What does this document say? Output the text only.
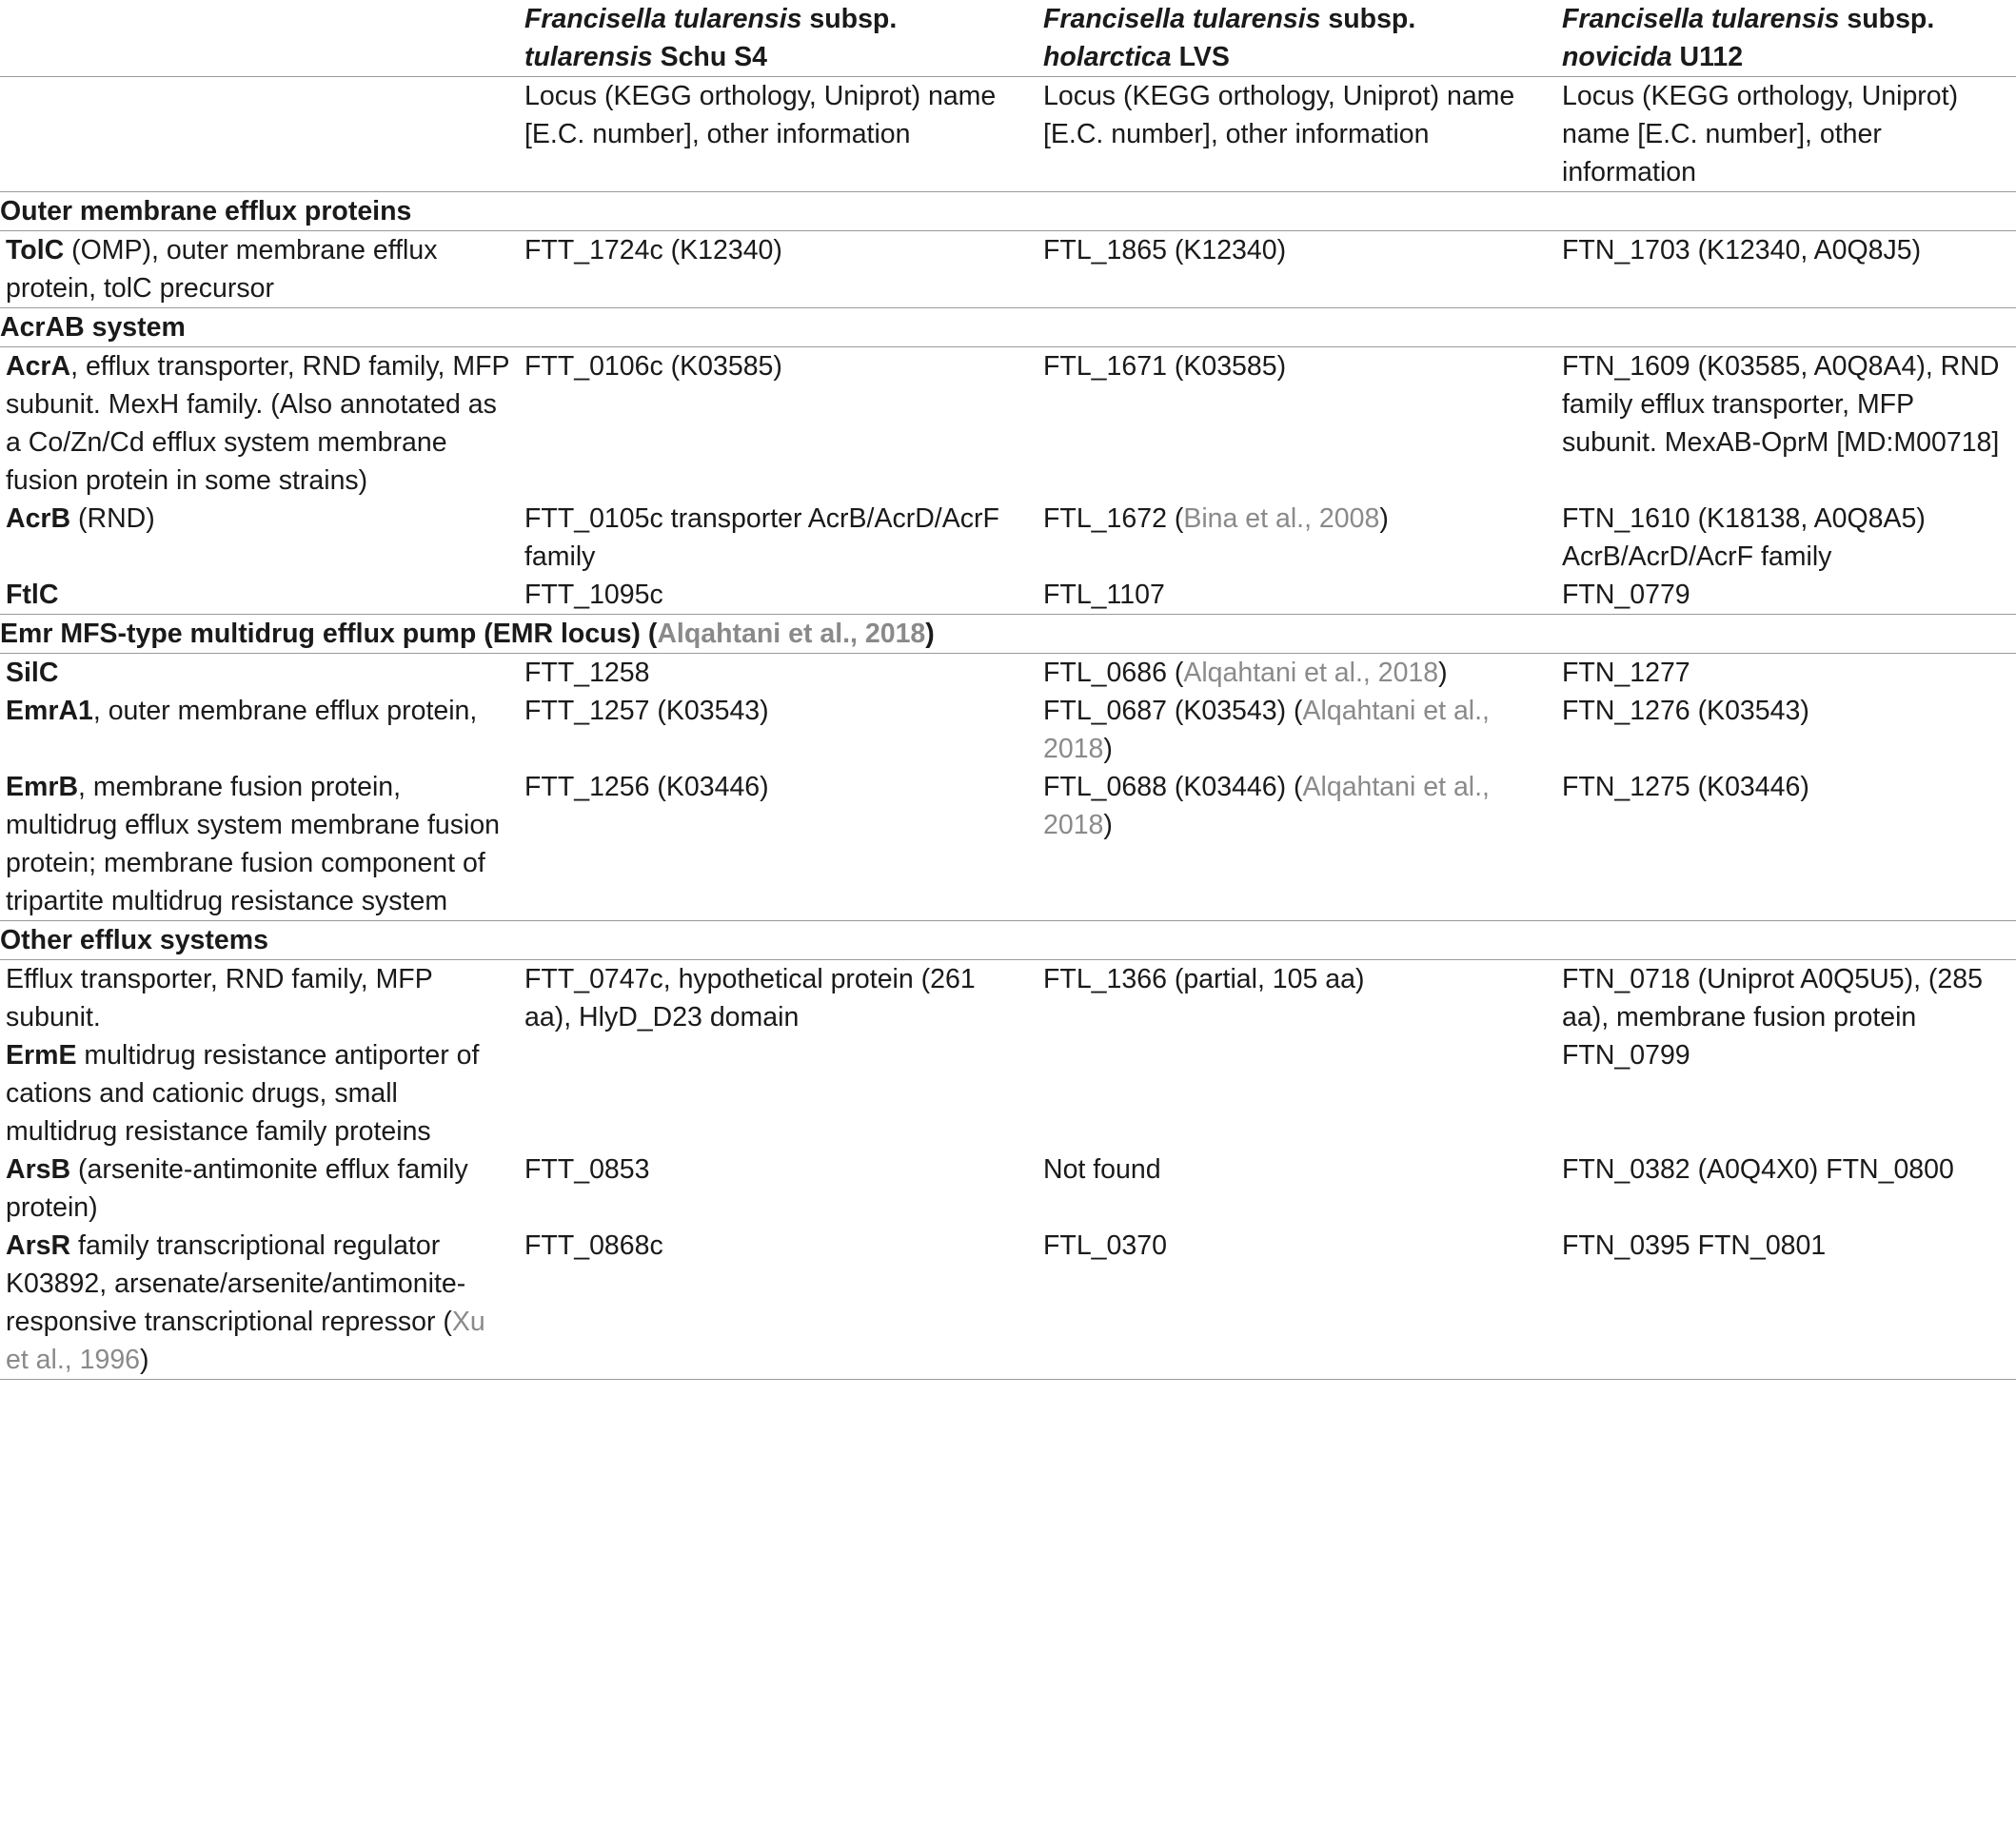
	Francisella tularensis subsp. tularensis Schu S4	Francisella tularensis subsp. holarctica LVS	Francisella tularensis subsp. novicida U112
	Locus (KEGG orthology, Uniprot) name [E.C. number], other information	Locus (KEGG orthology, Uniprot) name [E.C. number], other information	Locus (KEGG orthology, Uniprot) name [E.C. number], other information
Outer membrane efflux proteins			
TolC (OMP), outer membrane efflux protein, tolC precursor	FTT_1724c (K12340)	FTL_1865 (K12340)	FTN_1703 (K12340, A0Q8J5)
AcrAB system			
AcrA, efflux transporter, RND family, MFP subunit. MexH family. (Also annotated as a Co/Zn/Cd efflux system membrane fusion protein in some strains)	FTT_0106c (K03585)	FTL_1671 (K03585)	FTN_1609 (K03585, A0Q8A4), RND family efflux transporter, MFP subunit. MexAB-OprM [MD:M00718]
AcrB (RND)	FTT_0105c transporter AcrB/AcrD/AcrF family	FTL_1672 (Bina et al., 2008)	FTN_1610 (K18138, A0Q8A5) AcrB/AcrD/AcrF family
FtlC	FTT_1095c	FTL_1107	FTN_0779
Emr MFS-type multidrug efflux pump (EMR locus) (Alqahtani et al., 2018)			
SilC	FTT_1258	FTL_0686 (Alqahtani et al., 2018)	FTN_1277
EmrA1, outer membrane efflux protein,	FTT_1257 (K03543)	FTL_0687 (K03543) (Alqahtani et al., 2018)	FTN_1276 (K03543)
EmrB, membrane fusion protein, multidrug efflux system membrane fusion protein; membrane fusion component of tripartite multidrug resistance system	FTT_1256 (K03446)	FTL_0688 (K03446) (Alqahtani et al., 2018)	FTN_1275 (K03446)
Other efflux systems			
Efflux transporter, RND family, MFP subunit.	FTT_0747c, hypothetical protein (261 aa), HlyD_D23 domain	FTL_1366 (partial, 105 aa)	FTN_0718 (Uniprot A0Q5U5), (285 aa), membrane fusion protein
ErmE multidrug resistance antiporter of cations and cationic drugs, small multidrug resistance family proteins			FTN_0799
ArsB (arsenite-antimonite efflux family protein)	FTT_0853	Not found	FTN_0382 (A0Q4X0) FTN_0800
ArsR family transcriptional regulator K03892, arsenate/arsenite/antimonite-responsive transcriptional repressor (Xu et al., 1996)	FTT_0868c	FTL_0370	FTN_0395 FTN_0801
